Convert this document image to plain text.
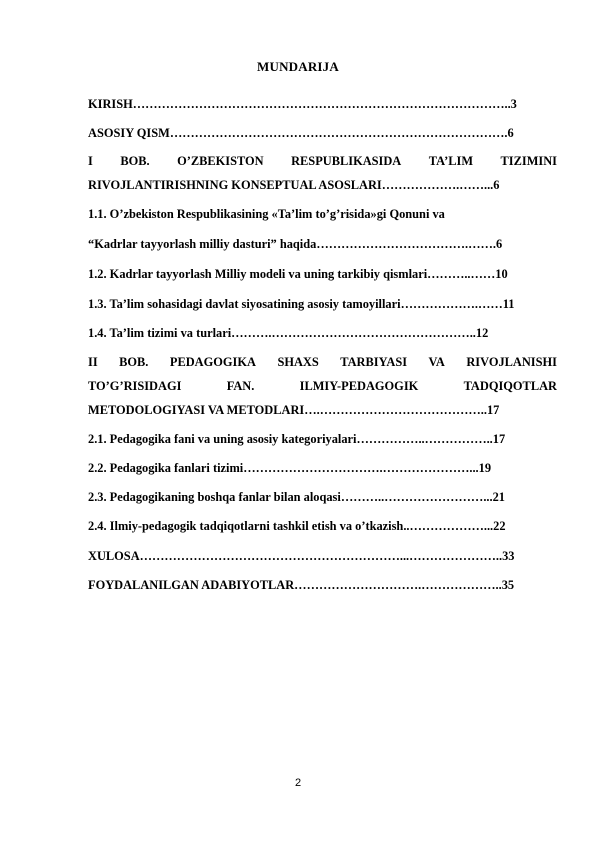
MUNDARIJA
KIRISH………………………………………………………………………………..3
ASOSIY QISM……………………………………………………………………….6
I BOB. O’ZBEKISTON RESPUBLIKASIDA TA’LIM TIZIMINI
RIVOJLANTIRISHNING KONSEPTUAL ASOSLARI……………….……...6
1.1. O’zbekiston Respublikasining «Ta’lim to’g’risida»gi Qonuni va
“Kadrlar tayyorlash milliy dasturi” haqida……………………………….…….6
1.2. Kadrlar tayyorlash Milliy modeli va uning tarkibiy qismlari………..……10
1.3. Ta’lim sohasidagi davlat siyosatining asosiy tamoyillari……………….……11
1.4. Ta’lim tizimi va turlari……….…………………………………………..12
II BOB. PEDAGOGIKA SHAXS TARBIYASI VA RIVOJLANISHI
TO’G’RISIDAGI	FAN.	ILMIY-PEDAGOGIK	TADQIQOTLAR
METODOLOGIYASI VA METODLARI….…………………………………..17
2.1. Pedagogika fani va uning asosiy kategoriyalari……………..……………..17
2.2. Pedagogika fanlari tizimi…………………………….…………………...19
2.3. Pedagogikaning boshqa fanlar bilan aloqasi………..……………………...21
2.4. Ilmiy-pedagogik tadqiqotlarni tashkil etish va o’tkazish..………………...22
XULOSA………………………………………………………...…………………..33
FOYDALANILGAN ADABIYOTLAR………………………….………………..35
2
